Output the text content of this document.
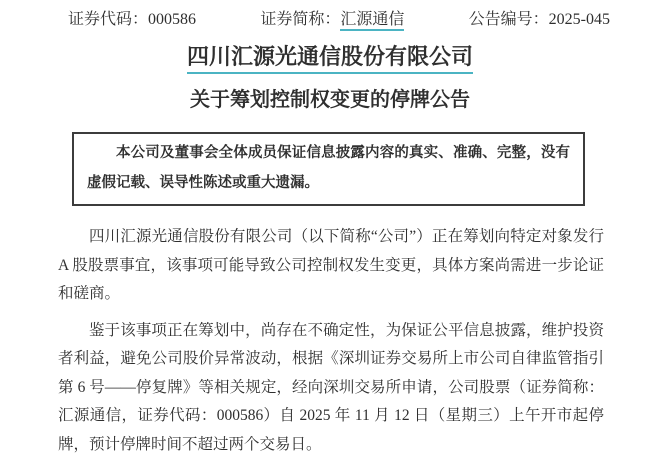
证券代码：000586	证券简称：汇源通信	公告编号：2025-045
四川汇源光通信股份有限公司
关于筹划控制权变更的停牌公告
本公司及董事会全体成员保证信息披露内容的真实、准确、完整，没有虚假记载、误导性陈述或重大遗漏。

四川汇源光通信股份有限公司（以下简称“公司”）正在筹划向特定对象发行 A 股股票事宜，该事项可能导致公司控制权发生变更，具体方案尚需进一步论证和磋商。

鉴于该事项正在筹划中，尚存在不确定性，为保证公平信息披露，维护投资者利益，避免公司股价异常波动，根据《深圳证券交易所上市公司自律监管指引第 6 号——停复牌》等相关规定，经向深圳交易所申请，公司股票（证券简称：汇源通信，证券代码：000586）自 2025 年 11 月 12 日（星期三）上午开市起停牌，预计停牌时间不超过两个交易日。
